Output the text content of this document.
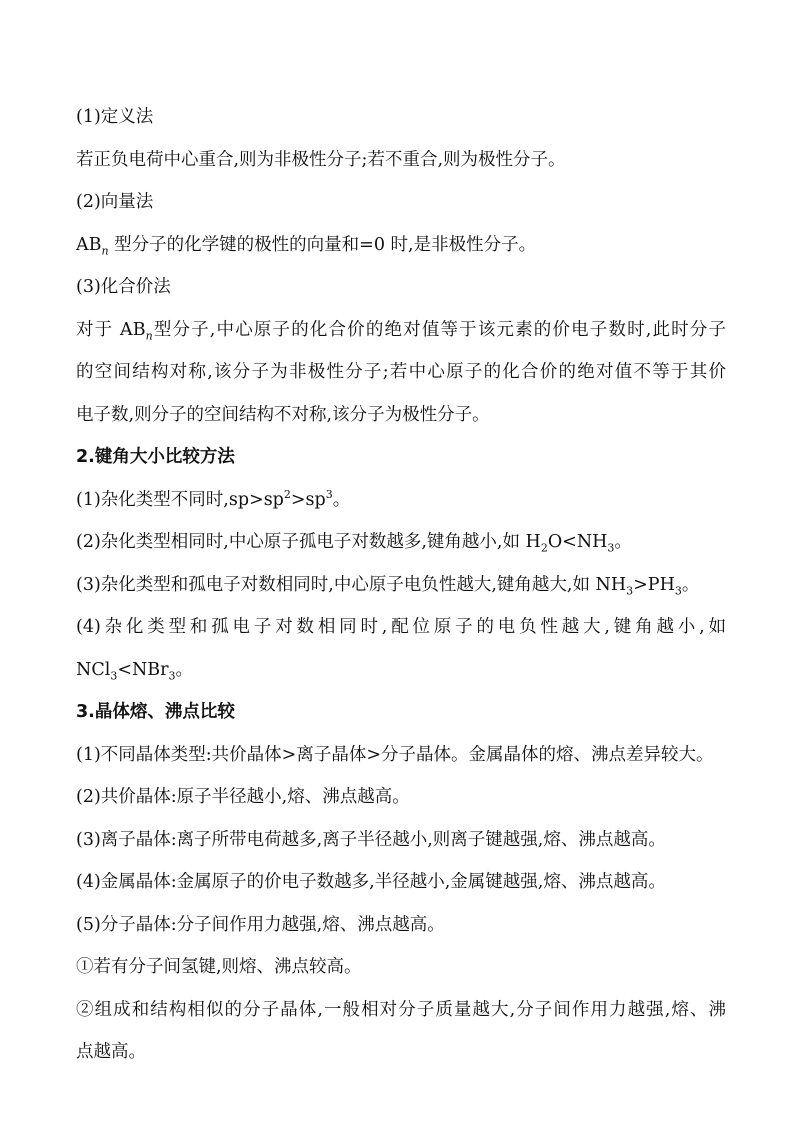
(1)定义法
若正负电荷中心重合,则为非极性分子;若不重合,则为极性分子。
(2)向量法
$AB_n$ 型分子的化学键的极性的向量和=0 时,是非极性分子。
(3)化合价法
对于 $AB_n$型分子,中心原子的化合价的绝对值等于该元素的价电子数时,此时分子
的空间结构对称,该分子为非极性分子;若中心原子的化合价的绝对值不等于其价
电子数,则分子的空间结构不对称,该分子为极性分子。
2.键角大小比较方法
(1)杂化类型不同时$,sp>sp^2>sp^3$。
(2)杂化类型相同时,中心原子孤电子对数越多,键角越小,如 $H_2O<NH_3$。
(3)杂化类型和孤电子对数相同时,中心原子电负性越大,键角越大,如 $NH_3>PH_3$。
(4)杂化类型和孤电子对数相同时,配位原子的电负性越大,键角越小,如
NCl$_3$<NBr$_3$。
3.晶体熔、沸点比较
(1)不同晶体类型:共价晶体>离子晶体>分子晶体。金属晶体的熔、沸点差异较大。
(2)共价晶体:原子半径越小,熔、沸点越高。
(3)离子晶体:离子所带电荷越多,离子半径越小,则离子键越强,熔、沸点越高。
(4)金属晶体:金属原子的价电子数越多,半径越小,金属键越强,熔、沸点越高。
(5)分子晶体:分子间作用力越强,熔、沸点越高。
①若有分子间氢键,则熔、沸点较高。
②组成和结构相似的分子晶体,一般相对分子质量越大,分子间作用力越强,熔、沸
点越高。
